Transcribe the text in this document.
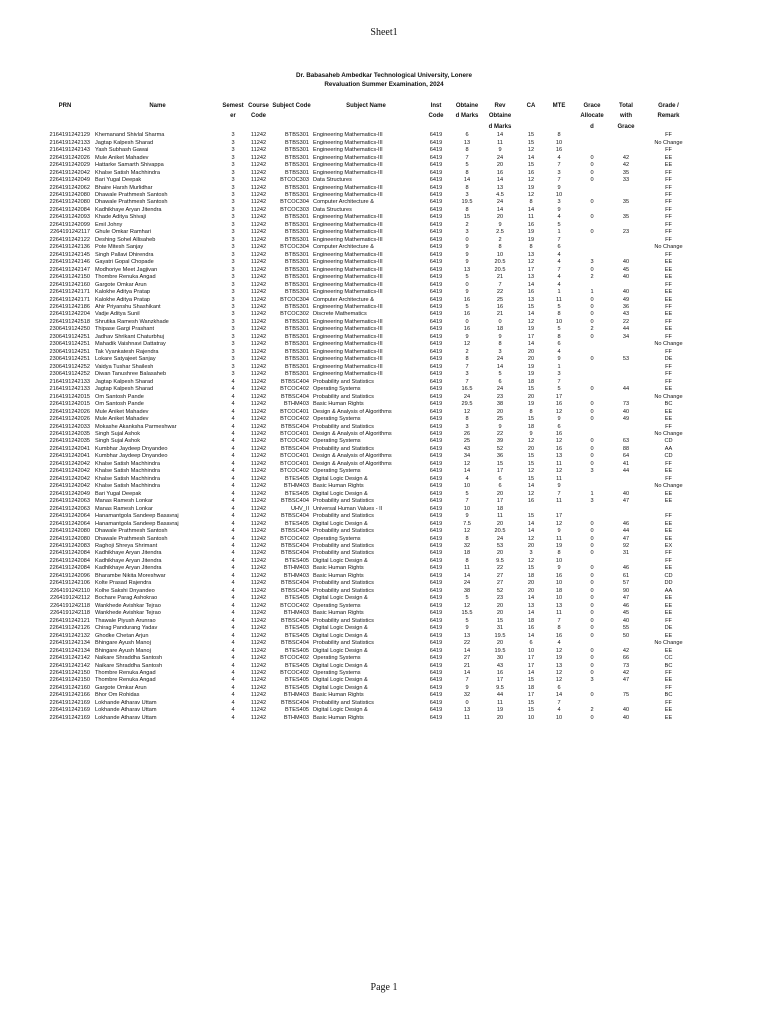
Sheet1
Dr. Babasaheb Ambedkar Technological University, Lonere
Revaluation Summer Examination, 2024
PRN	Name	Semest
er	Course
Code	Subject Code	Subject Name	Inst
Code	Obtaine
d Marks	Rev
Obtaine
d Marks	CA	MTE	Grace
Allocate
d	Total
with
Grace	Grade /
Remark
2164191242129	Khemanand Shivlal Sharma	3	11242	BTBS301	Engineering Mathematics-III	6419	6	14	15	8			FF
2164191242133	Jagtap Kalpesh Sharad	3	11242	BTBS301	Engineering Mathematics-III	6419	13	11	15	10			No Change
2164191242143	Yash Subhash Gawai	3	11242	BTBS301	Engineering Mathematics-III	6419	8	9	12	16			FF
2264191242026	Mule Aniket Mahadev	3	11242	BTBS301	Engineering Mathematics-III	6419	7	24	14	4	0	42	EE
2264191242029	Hattarke Samarth Shivappa	3	11242	BTBS301	Engineering Mathematics-III	6419	5	20	15	7	0	42	EE
2264191242042	Khalse Satish Machhindra	3	11242	BTBS301	Engineering Mathematics-III	6419	8	16	16	3	0	35	FF
2264191242049	Bari Yugal Deepak	3	11242	BTCOC303	Data Structures	6419	14	14	12	7	0	33	FF
2264191242062	Bhaire Harsh Murlidhar	3	11242	BTBS301	Engineering Mathematics-III	6419	8	13	19	9			FF
2264191242080	Dhawale Prathmesh Santosh	3	11242	BTBS301	Engineering Mathematics-III	6419	3	4.5	12	10			FF
2264191242080	Dhawale Prathmesh Santosh	3	11242	BTCOC304	Computer Architecture &	6419	19.5	24	8	3	0	35	FF
2264191242084	Kadhikhaye Aryan Jitendra	3	11242	BTCOC303	Data Structures	6419	8	14	14	9			FF
2264191242093	Khade Aditya Shivaji	3	11242	BTBS301	Engineering Mathematics-III	6419	15	20	11	4	0	35	FF
2264191242099	Emil Johny	3	11242	BTBS301	Engineering Mathematics-III	6419	2	9	16	5			FF
2264191242117	Ghule Omkar Ramhari	3	11242	BTBS301	Engineering Mathematics-III	6419	3	2.5	19	1	0	23	FF
2264191242122	Deshing Sohel Allisaheb	3	11242	BTBS301	Engineering Mathematics-III	6419	0	2	19	7			FF
2264191242136	Pote Mitesh Sanjay	3	11242	BTCOC304	Computer Architecture &	6419	9	8	8	6			No Change
2264191242145	Singh Pallavi Dhirendra	3	11242	BTBS301	Engineering Mathematics-III	6419	9	10	13	4			FF
2264191242146	Gayatri Gopal Chopade	3	11242	BTBS301	Engineering Mathematics-III	6419	9	20.5	12	4	3	40	EE
2264191242147	Modhoriye Meet Jagjivan	3	11242	BTBS301	Engineering Mathematics-III	6419	13	20.5	17	7	0	45	EE
2264191242150	Thombre Renuka Angad	3	11242	BTBS301	Engineering Mathematics-III	6419	5	21	13	4	2	40	EE
2264191242160	Gargote Omkar Arun	3	11242	BTBS301	Engineering Mathematics-III	6419	0	7	14	4			FF
2264191242171	Kalokhe Aditya Pratap	3	11242	BTBS301	Engineering Mathematics-III	6419	9	22	16	1	1	40	EE
2264191242171	Kalokhe Aditya Pratap	3	11242	BTCOC304	Computer Architecture &	6419	16	25	13	11	0	49	EE
2264191242186	Ahir Priyanshu Shashikant	3	11242	BTBS301	Engineering Mathematics-III	6419	5	16	15	5	0	36	FF
2264191242204	Vadje Aditya Sunil	3	11242	BTCOC302	Discrete Mathematics	6419	16	21	14	8	0	43	EE
2264191242518	Shrutika Ramesh Wanzkhade	3	11242	BTBS301	Engineering Mathematics-III	6419	0	0	12	10	0	22	FF
2306419124250	Thipase Gargi Prashant	3	11242	BTBS301	Engineering Mathematics-III	6419	16	18	19	5	2	44	EE
2306419124251	Jadhav Shrikant Chaturbhuj	3	11242	BTBS301	Engineering Mathematics-III	6419	9	9	17	8	0	34	FF
2306419124251	Mahadik Vaishnavi Dattatray	3	11242	BTBS301	Engineering Mathematics-III	6419	12	8	14	6			No Change
2306419124251	Tak Vyankatesh Rajendra	3	11242	BTBS301	Engineering Mathematics-III	6419	2	3	20	4			FF
2306419124251	Lokare Satyajeet Sanjay	3	11242	BTBS301	Engineering Mathematics-III	6419	8	24	20	9	0	53	DE
2306419124252	Vaidya Tushar Shailesh	3	11242	BTBS301	Engineering Mathematics-III	6419	7	14	19	1			FF
2306419124252	Diwan Tanushree Balasaheb	3	11242	BTBS301	Engineering Mathematics-III	6419	3	5	19	3			FF
2164191242133	Jagtap Kalpesh Sharad	4	11242	BTBSC404	Probability and Statistics	6419	7	6	18	7			FF
2164191242133	Jagtap Kalpesh Sharad	4	11242	BTCOC402	Operating Systems	6419	16.5	24	15	5	0	44	EE
2164191242015	Om Santosh Pande	4	11242	BTBSC404	Probability and Statistics	6419	24	23	20	17			No Change
2264191242015	Om Santosh Pande	4	11242	BTHM403	Basic Human Rights	6419	29.5	38	19	16	0	73	BC
2264191242026	Mule Aniket Mahadev	4	11242	BTCOC401	Design & Analysis of Algorithms	6419	12	20	8	12	0	40	EE
2264191242026	Mule Aniket Mahadev	4	11242	BTCOC402	Operating Systems	6419	8	25	15	9	0	49	EE
2264191242033	Mokashe Akanksha Parmeshwar	4	11242	BTBSC404	Probability and Statistics	6419	3	9	18	6			FF
2264191242035	Singh Sujal Ashok	4	11242	BTCOC401	Design & Analysis of Algorithms	6419	26	22	9	16			No Change
2264191242035	Singh Sujal Ashok	4	11242	BTCOC402	Operating Systems	6419	25	39	12	12	0	63	CD
2264191242041	Kumbhar Jaydeep Dnyandeo	4	11242	BTBSC404	Probability and Statistics	6419	43	52	20	16	0	88	AA
2264191242041	Kumbhar Jaydeep Dnyandeo	4	11242	BTCOC401	Design & Analysis of Algorithms	6419	34	36	15	13	0	64	CD
2264191242042	Khalse Satish Machhindra	4	11242	BTCOC401	Design & Analysis of Algorithms	6419	12	15	15	11	0	41	FF
2264191242042	Khalse Satish Machhindra	4	11242	BTCOC402	Operating Systems	6419	14	17	12	12	3	44	EE
2264191242042	Khalse Satish Machhindra	4	11242	BTES405	Digital Logic Design &	6419	4	6	15	11			FF
2264191242042	Khalse Satish Machhindra	4	11242	BTHM403	Basic Human Rights	6419	10	6	14	9			No Change
2264191242049	Bari Yugal Deepak	4	11242	BTES405	Digital Logic Design &	6419	5	20	12	7	1	40	EE
2264191242063	Manas Ramesh Lonkar	4	11242	BTBSC404	Probability and Statistics	6419	7	17	16	11	3	47	EE
2264191242063	Manas Ramesh Lonkar	4	11242	UHV_II	Universal Human Values - II	6419	10	18					
2264191242064	Hanamantgola Sandeep Basavraj	4	11242	BTBSC404	Probability and Statistics	6419	9	11	15	17			FF
2264191242064	Hanamantgola Sandeep Basavraj	4	11242	BTES405	Digital Logic Design &	6419	7.5	20	14	12	0	46	EE
2264191242080	Dhawale Prathmesh Santosh	4	11242	BTBSC404	Probability and Statistics	6419	12	20.5	14	9	0	44	EE
2264191242080	Dhawale Prathmesh Santosh	4	11242	BTCOC402	Operating Systems	6419	8	24	12	11	0	47	EE
2264191242083	Raghoji Shreya Shrimant	4	11242	BTBSC404	Probability and Statistics	6419	32	53	20	19	0	92	EX
2264191242084	Kadhikhaye Aryan Jitendra	4	11242	BTBSC404	Probability and Statistics	6419	18	20	3	8	0	31	FF
2264191242084	Kadhikhaye Aryan Jitendra	4	11242	BTES405	Digital Logic Design &	6419	8	9.5	12	10			FF
2264191242084	Kadhikhaye Aryan Jitendra	4	11242	BTHM403	Basic Human Rights	6419	11	22	15	9	0	46	EE
2264191242096	Bharambe Nikita Moreshwar	4	11242	BTHM403	Basic Human Rights	6419	14	27	18	16	0	61	CD
2264191242106	Kolte Prasad Rajendra	4	11242	BTBSC404	Probability and Statistics	6419	24	27	20	10	0	57	DD
2264191242110	Kolhe Sakshi Dnyandeo	4	11242	BTBSC404	Probability and Statistics	6419	38	52	20	18	0	90	AA
2264191242112	Bochare Parag Ashokrao	4	11242	BTES405	Digital Logic Design &	6419	5	23	14	10	0	47	EE
2264191242118	Wankhede Avishkar Tejrao	4	11242	BTCOC402	Operating Systems	6419	12	20	13	13	0	46	EE
2264191242118	Wankhede Avishkar Tejrao	4	11242	BTHM403	Basic Human Rights	6419	15.5	20	14	11	0	45	EE
2264191242121	Thawale Piyush Arunrao	4	11242	BTBSC404	Probability and Statistics	6419	5	15	18	7	0	40	FF
2264191242126	Chirag Pandurang Yadav	4	11242	BTES405	Digital Logic Design &	6419	9	31	16	8	0	55	DE
2264191242132	Ghodke Chetan Arjun	4	11242	BTES405	Digital Logic Design &	6419	13	19.5	14	16	0	50	EE
2264191242134	Bhingare Ayush Manoj	4	11242	BTBSC404	Probability and Statistics	6419	22	20	6	4			No Change
2264191242134	Bhingare Ayush Manoj	4	11242	BTES405	Digital Logic Design &	6419	14	19.5	10	12	0	42	EE
2264191242142	Naikare Shraddha Santosh	4	11242	BTCOC402	Operating Systems	6419	27	30	17	19	0	66	CC
2264191242142	Naikare Shraddha Santosh	4	11242	BTES405	Digital Logic Design &	6419	21	43	17	13	0	73	BC
2264191242150	Thombre Renuka Angad	4	11242	BTCOC402	Operating Systems	6419	14	16	14	12	0	42	FF
2264191242150	Thombre Renuka Angad	4	11242	BTES405	Digital Logic Design &	6419	7	17	15	12	3	47	EE
2264191242160	Gargote Omkar Arun	4	11242	BTES405	Digital Logic Design &	6419	9	9.5	18	6			FF
2264191242166	Bhor Om Rohidas	4	11242	BTHM403	Basic Human Rights	6419	32	44	17	14	0	75	BC
2264191242169	Lokhande Atharav Uttam	4	11242	BTBSC404	Probability and Statistics	6419	0	11	15	7			FF
2264191242169	Lokhande Atharav Uttam	4	11242	BTES405	Digital Logic Design &	6419	13	19	15	4	2	40	EE
2264191242169	Lokhande Atharav Uttam	4	11242	BTHM403	Basic Human Rights	6419	11	20	10	10	0	40	EE
Page 1
